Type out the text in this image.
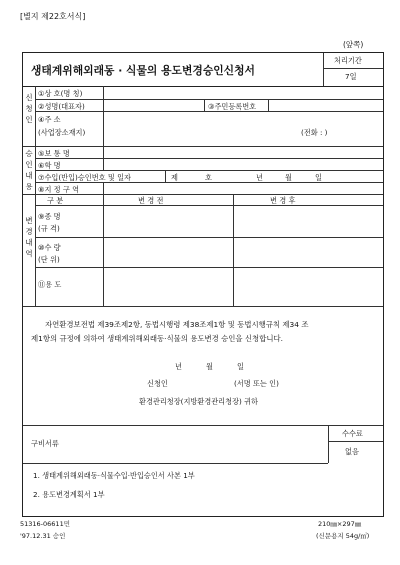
[별지 제22호서식]
(앞쪽)
생태계위해외래동 · 식물의 용도변경승인신청서
처리기간
7일
신청인
①상 호(명 칭)
②성명(대표자)	③주민등록번호
④주 소
(사업장소재지)	(전화 : )
승인내용
⑤보 통 명
⑥학 명
⑦수입(반입)승인번호 및 일자	제	호	년	월	일
⑧지 정 구 역
변경내역
구 분	변 경 전	변 경 후
⑨종 명
(규 격)
⑩수 량
(단 위)
⑪용 도
자연환경보전법 제39조제2항, 동법시행령 제38조제1항 및 동법시행규칙 제34 조
제1항의 규정에 의하여 생태계위해외래동·식물의 용도변경 승인을 신청합니다.
년	월	일
신청인	(서명 또는 인)
환경관리청장(지방환경관리청장) 귀하
구비서류
수수료
없음
1. 생태계위해외래동·식물수입·반입승인서 사본 1부
2. 용도변경계획서 1부
51316-06611민
'97.12.31 승인
210㎜×297㎜
(신문용지 54g/㎡)
